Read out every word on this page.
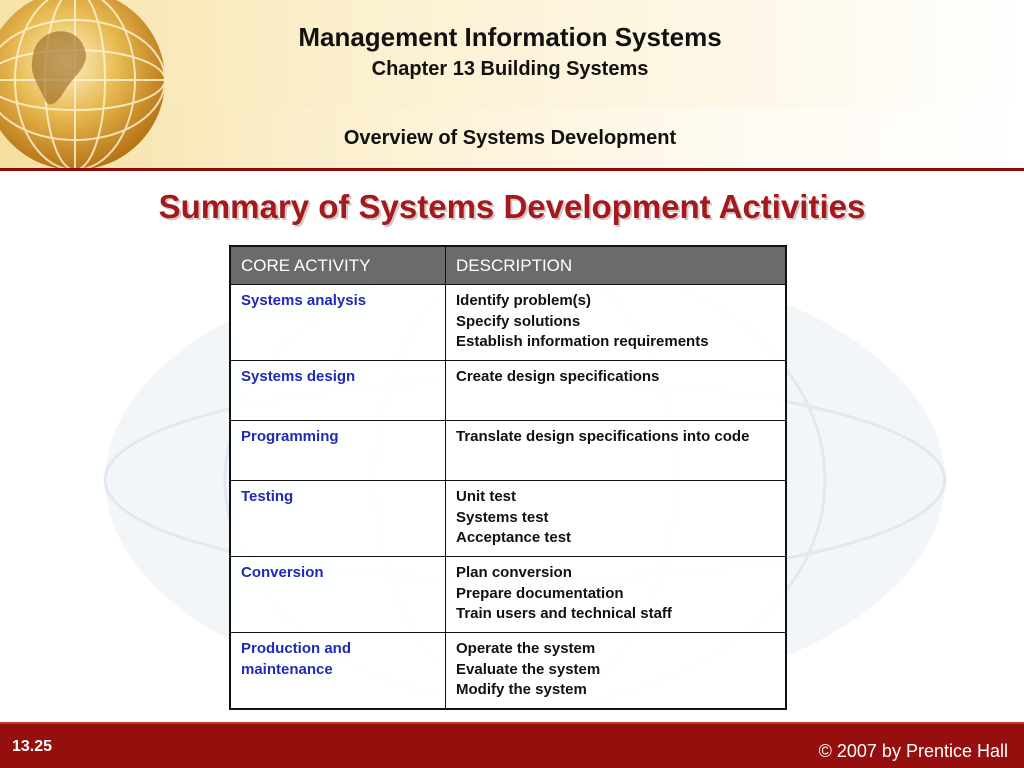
Management Information Systems
Chapter 13 Building Systems
Overview of Systems Development
Summary of Systems Development Activities
CORE ACTIVITY	DESCRIPTION
Systems analysis	Identify problem(s)
Specify solutions
Establish information requirements

Systems design	Create design specifications

Programming	Translate design specifications into code

Testing	Unit test
Systems test
Acceptance test

Conversion	Plan conversion
Prepare documentation
Train users and technical staff

Production and maintenance	Operate the system
Evaluate the system
Modify the system
13.25	© 2007 by Prentice Hall
